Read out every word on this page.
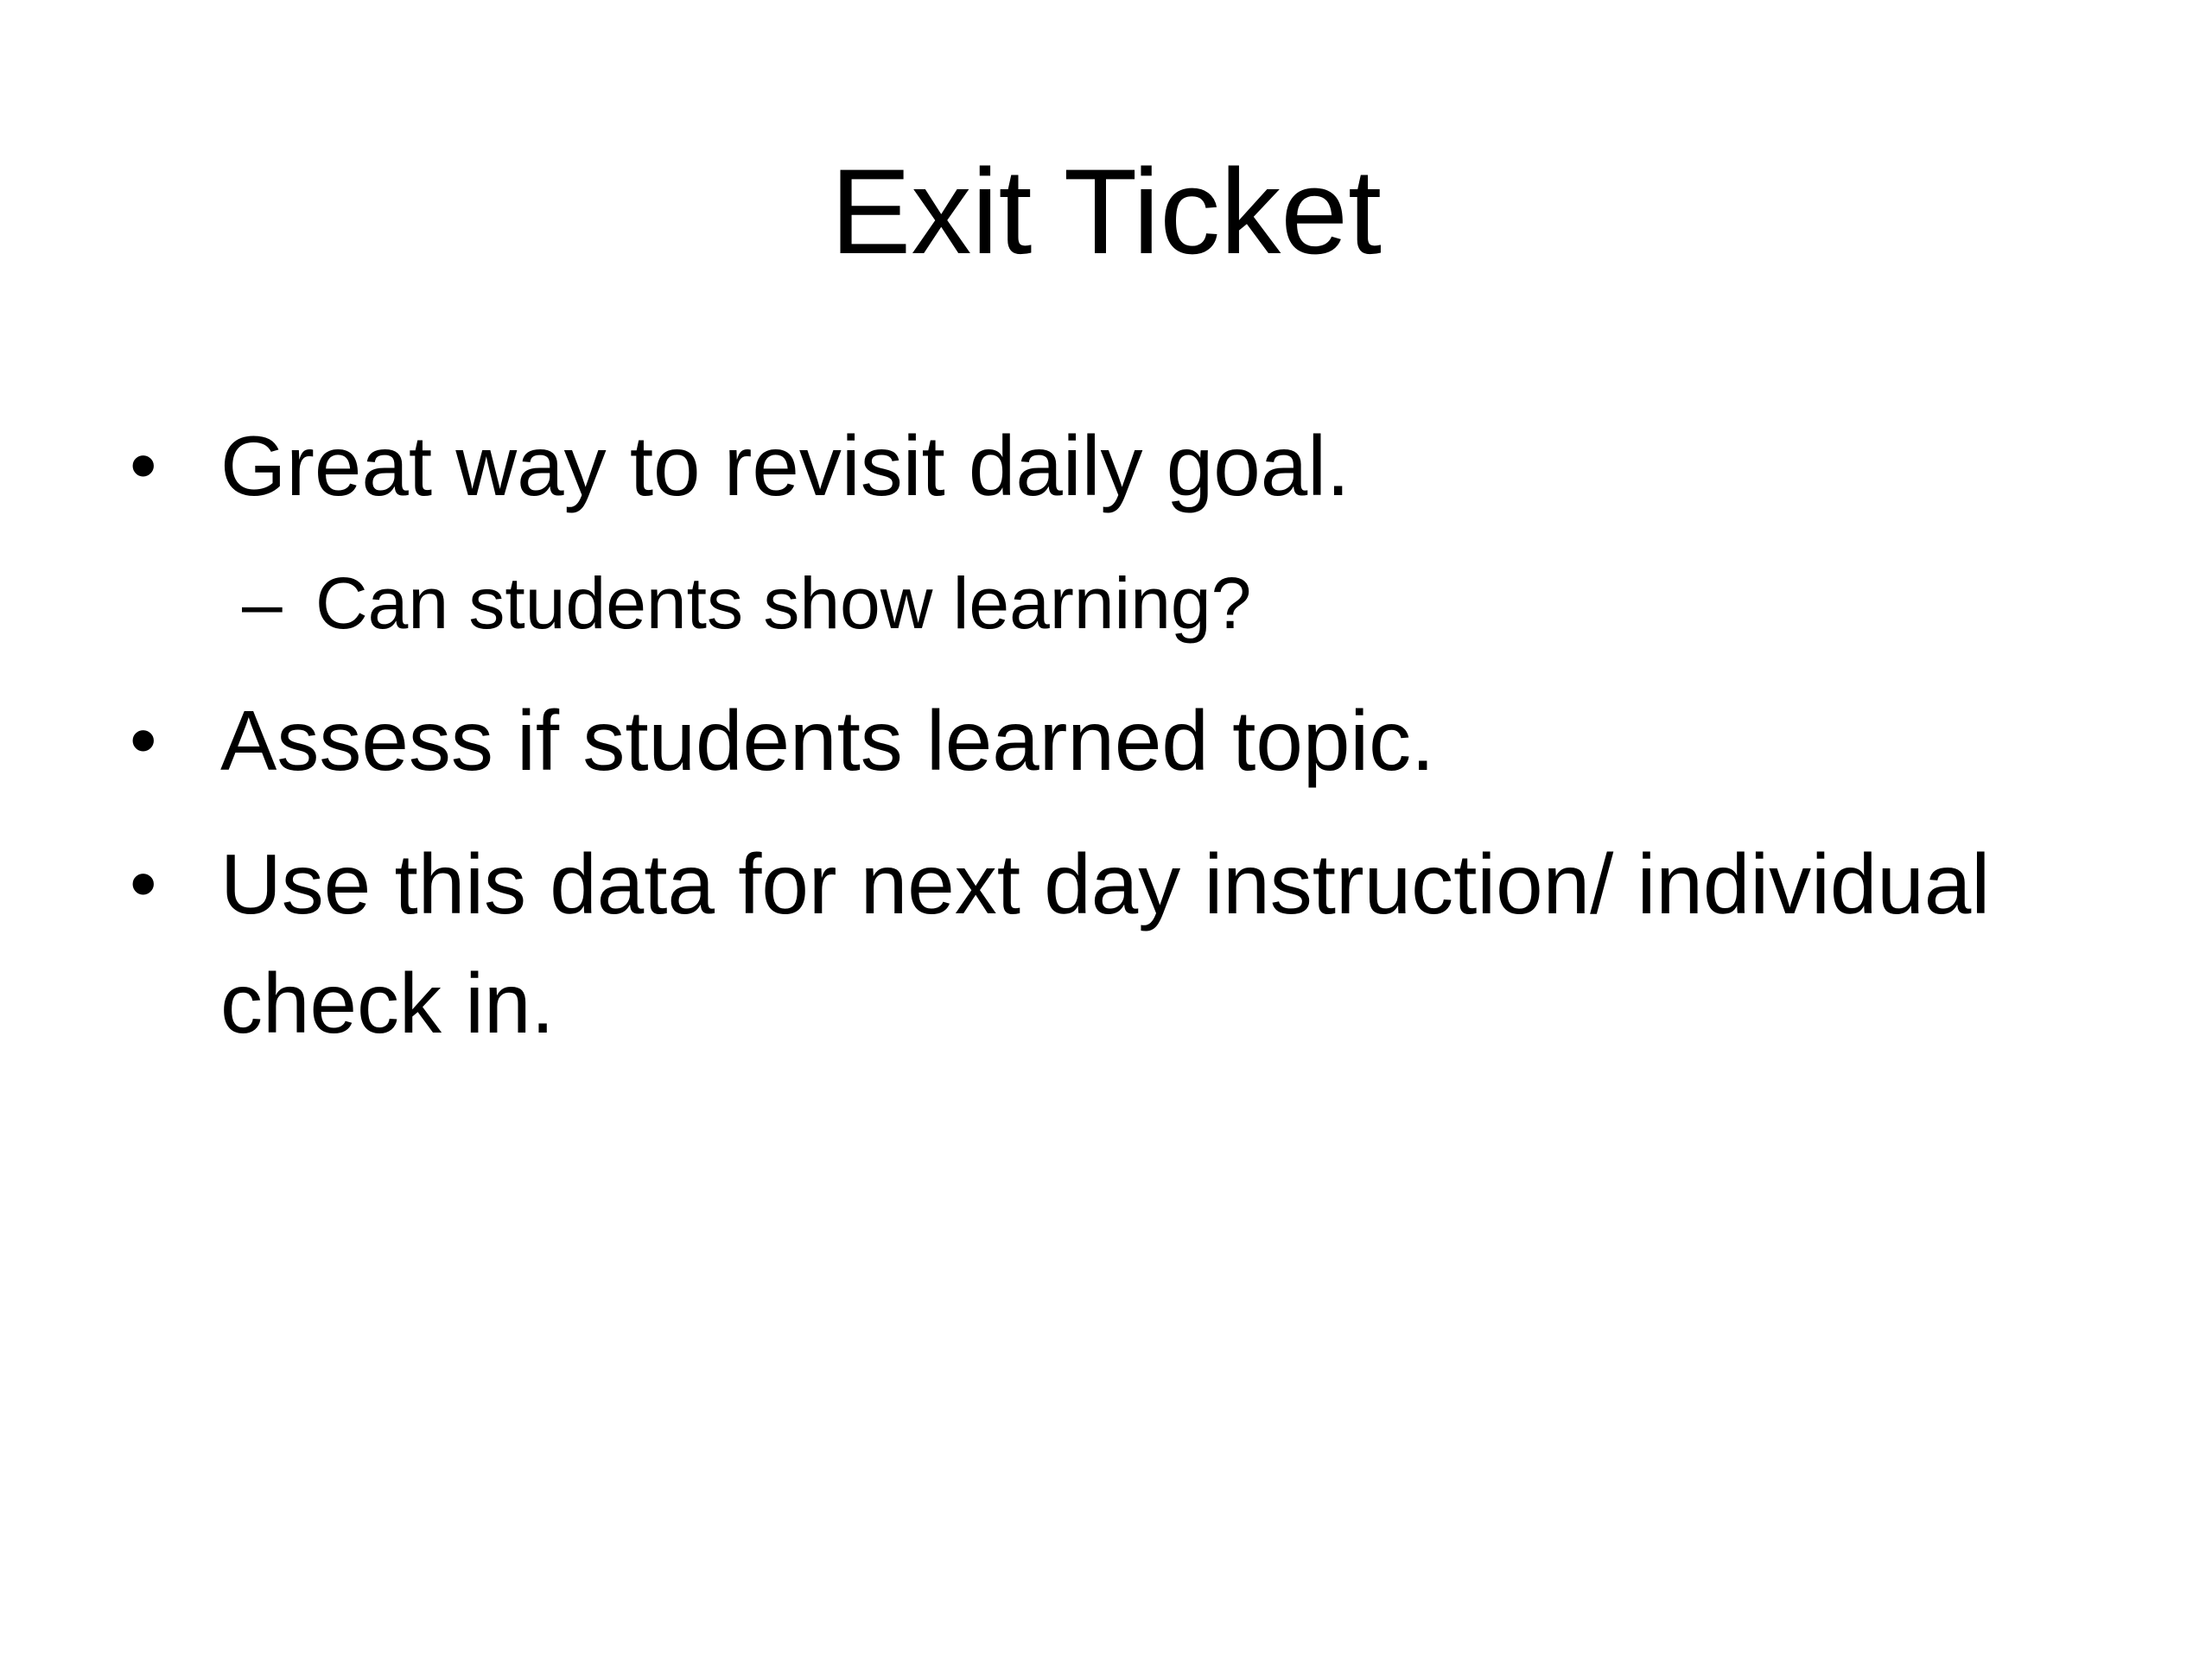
Exit Ticket
• Great way to revisit daily goal.
– Can students show learning?
• Assess if students learned topic.
• Use this data for next day instruction/ individual check in.
